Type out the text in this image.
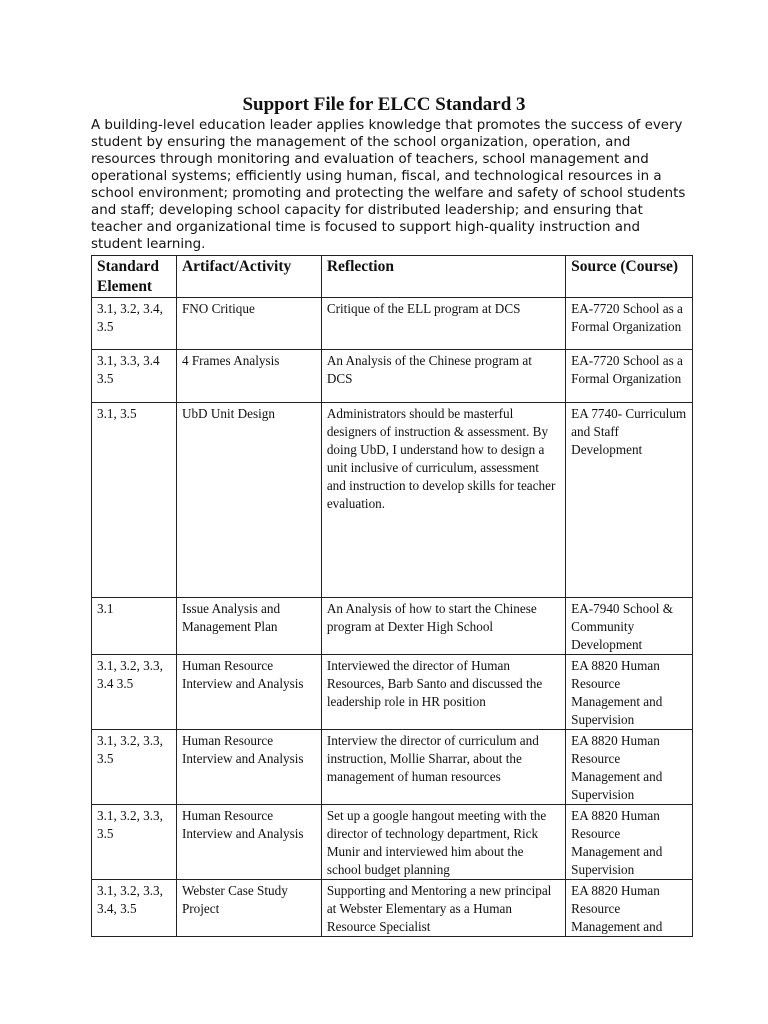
Support File for ELCC Standard 3

A building-level education leader applies knowledge that promotes the success of every student by ensuring the management of the school organization, operation, and resources through monitoring and evaluation of teachers, school management and operational systems; efficiently using human, fiscal, and technological resources in a school environment; promoting and protecting the welfare and safety of school students and staff; developing school capacity for distributed leadership; and ensuring that teacher and organizational time is focused to support high-quality instruction and student learning.

Standard Element	Artifact/Activity	Reflection	Source (Course)
3.1, 3.2, 3.4, 3.5	FNO Critique	Critique of the ELL program at DCS	EA-7720 School as a Formal Organization
3.1, 3.3, 3.4 3.5	4 Frames Analysis	An Analysis of the Chinese program at DCS	EA-7720 School as a Formal Organization
3.1, 3.5	UbD Unit Design	Administrators should be masterful designers of instruction & assessment. By doing UbD, I understand how to design a unit inclusive of curriculum, assessment and instruction to develop skills for teacher evaluation.	EA 7740- Curriculum and Staff Development
3.1	Issue Analysis and Management Plan	An Analysis of how to start the Chinese program at Dexter High School	EA-7940 School & Community Development
3.1, 3.2, 3.3, 3.4 3.5	Human Resource Interview and Analysis	Interviewed the director of Human Resources, Barb Santo and discussed the leadership role in HR position	EA 8820 Human Resource Management and Supervision
3.1, 3.2, 3.3, 3.5	Human Resource Interview and Analysis	Interview the director of curriculum and instruction, Mollie Sharrar, about the management of human resources	EA 8820 Human Resource Management and Supervision
3.1, 3.2, 3.3, 3.5	Human Resource Interview and Analysis	Set up a google hangout meeting with the director of technology department, Rick Munir and interviewed him about the school budget planning	EA 8820 Human Resource Management and Supervision
3.1, 3.2, 3.3, 3.4, 3.5	Webster Case Study Project	Supporting and Mentoring a new principal at Webster Elementary as a Human Resource Specialist	EA 8820 Human Resource Management and
